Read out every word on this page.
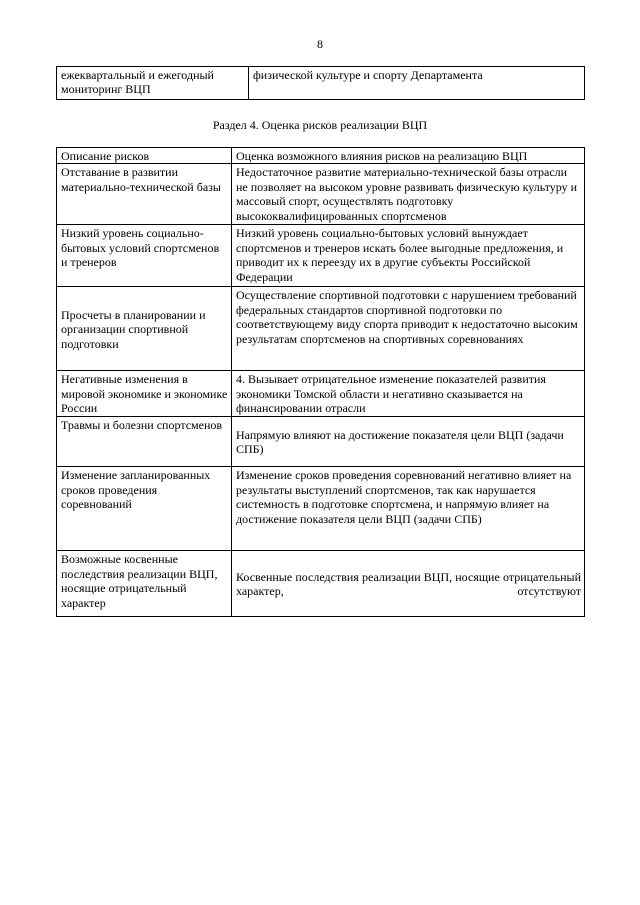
8
ежеквартальный и ежегодный мониторинг ВЦП	физической культуре и спорту Департамента
Раздел 4. Оценка рисков реализации ВЦП
Описание рисков	Оценка возможного влияния рисков на реализацию ВЦП
Отставание в развитии материально-технической базы	Недостаточное развитие материально-технической базы отрасли не позволяет на высоком уровне развивать физическую культуру и массовый спорт, осуществлять подготовку высококвалифицированных спортсменов
Низкий уровень социально-бытовых условий спортсменов и тренеров	Низкий уровень социально-бытовых условий вынуждает спортсменов и тренеров искать более выгодные предложения, и приводит их к переезду их в другие субъекты Российской Федерации
Просчеты в планировании и организации спортивной подготовки	Осуществление спортивной подготовки с нарушением требований федеральных стандартов спортивной подготовки по соответствующему виду спорта приводит к недостаточно высоким результатам спортсменов на спортивных соревнованиях
Негативные изменения в мировой экономике и экономике России	4. Вызывает отрицательное изменение показателей развития экономики Томской области и негативно сказывается на финансировании отрасли
Травмы и болезни спортсменов	Напрямую влияют на достижение показателя цели ВЦП (задачи СПБ)
Изменение запланированных сроков проведения соревнований	Изменение сроков проведения соревнований негативно влияет на результаты выступлений спортсменов, так как нарушается системность в подготовке спортсмена, и напрямую влияет на достижение показателя цели ВЦП (задачи СПБ)
Возможные косвенные последствия реализации ВЦП, носящие отрицательный характер	Косвенные последствия реализации ВЦП, носящие отрицательный характер, отсутствуют
